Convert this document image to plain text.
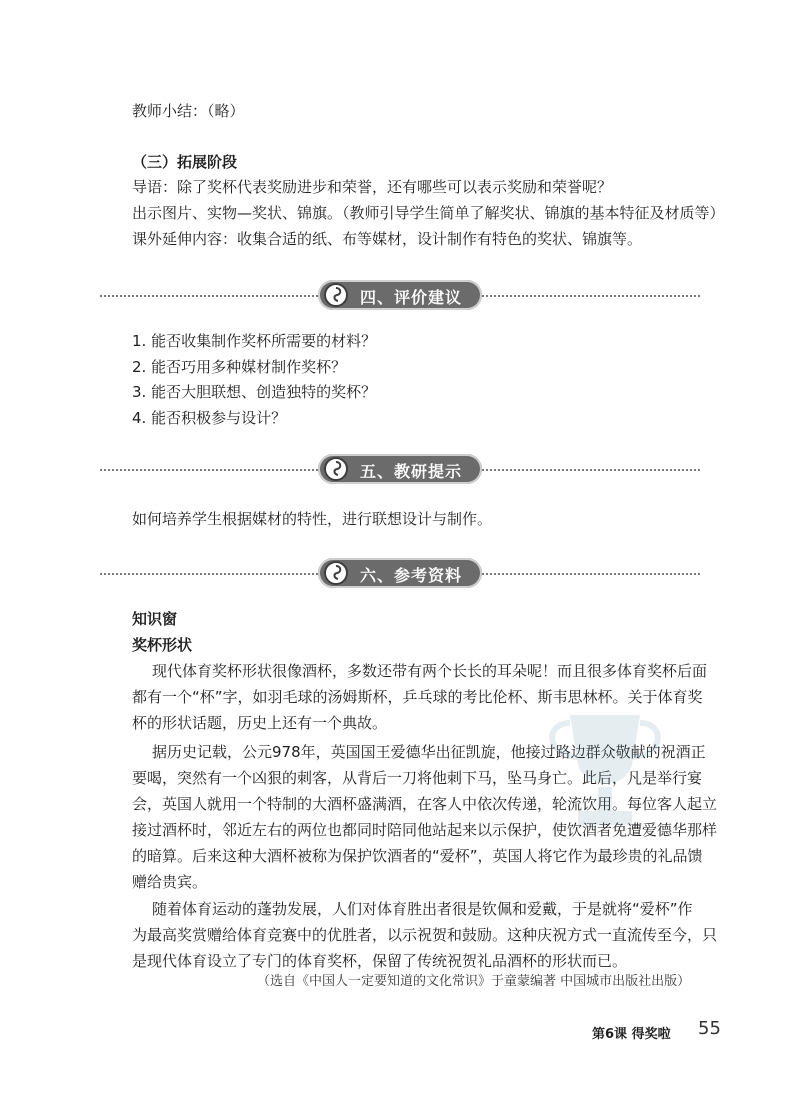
教师小结：（略）
（三）拓展阶段
导语：除了奖杯代表奖励进步和荣誉，还有哪些可以表示奖励和荣誉呢？
出示图片、实物—奖状、锦旗。（教师引导学生简单了解奖状、锦旗的基本特征及材质等）
课外延伸内容：收集合适的纸、布等媒材，设计制作有特色的奖状、锦旗等。
四、评价建议
1. 能否收集制作奖杯所需要的材料？
2. 能否巧用多种媒材制作奖杯？
3. 能否大胆联想、创造独特的奖杯？
4. 能否积极参与设计？
五、教研提示
如何培养学生根据媒材的特性，进行联想设计与制作。
六、参考资料
知识窗
奖杯形状
现代体育奖杯形状很像酒杯，多数还带有两个长长的耳朵呢！而且很多体育奖杯后面
都有一个“杯”字，如羽毛球的汤姆斯杯，乒乓球的考比伦杯、斯韦思林杯。关于体育奖
杯的形状话题，历史上还有一个典故。
据历史记载，公元978年，英国国王爱德华出征凯旋，他接过路边群众敬献的祝酒正
要喝，突然有一个凶狠的刺客，从背后一刀将他刺下马，坠马身亡。此后，凡是举行宴
会，英国人就用一个特制的大酒杯盛满酒，在客人中依次传递，轮流饮用。每位客人起立
接过酒杯时，邻近左右的两位也都同时陪同他站起来以示保护，使饮酒者免遭爱德华那样
的暗算。后来这种大酒杯被称为保护饮酒者的“爱杯”，英国人将它作为最珍贵的礼品馈
赠给贵宾。
随着体育运动的蓬勃发展，人们对体育胜出者很是钦佩和爱戴，于是就将“爱杯”作
为最高奖赏赠给体育竞赛中的优胜者，以示祝贺和鼓励。这种庆祝方式一直流传至今，只
是现代体育设立了专门的体育奖杯，保留了传统祝贺礼品酒杯的形状而已。
（选自《中国人一定要知道的文化常识》于童蒙编著 中国城市出版社出版）
第6课 得奖啦 55
